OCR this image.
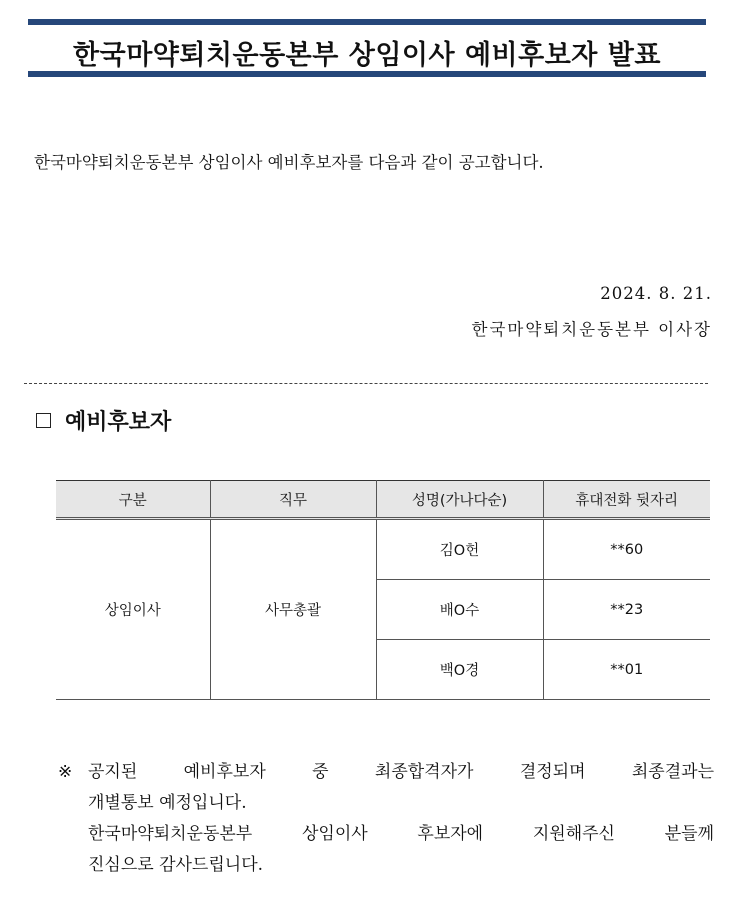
한국마약퇴치운동본부 상임이사 예비후보자 발표
한국마약퇴치운동본부 상임이사 예비후보자를 다음과 같이 공고합니다.
2024. 8. 21.
한국마약퇴치운동본부 이사장
예비후보자
구분	직무	성명(가나다순)	휴대전화 뒷자리
상임이사	사무총괄	김O헌	**60
		배O수	**23
		백O경	**01
※ 공지된 예비후보자 중 최종합격자가 결정되며 최종결과는
개별통보 예정입니다.
한국마약퇴치운동본부 상임이사 후보자에 지원해주신 분들께
진심으로 감사드립니다.
